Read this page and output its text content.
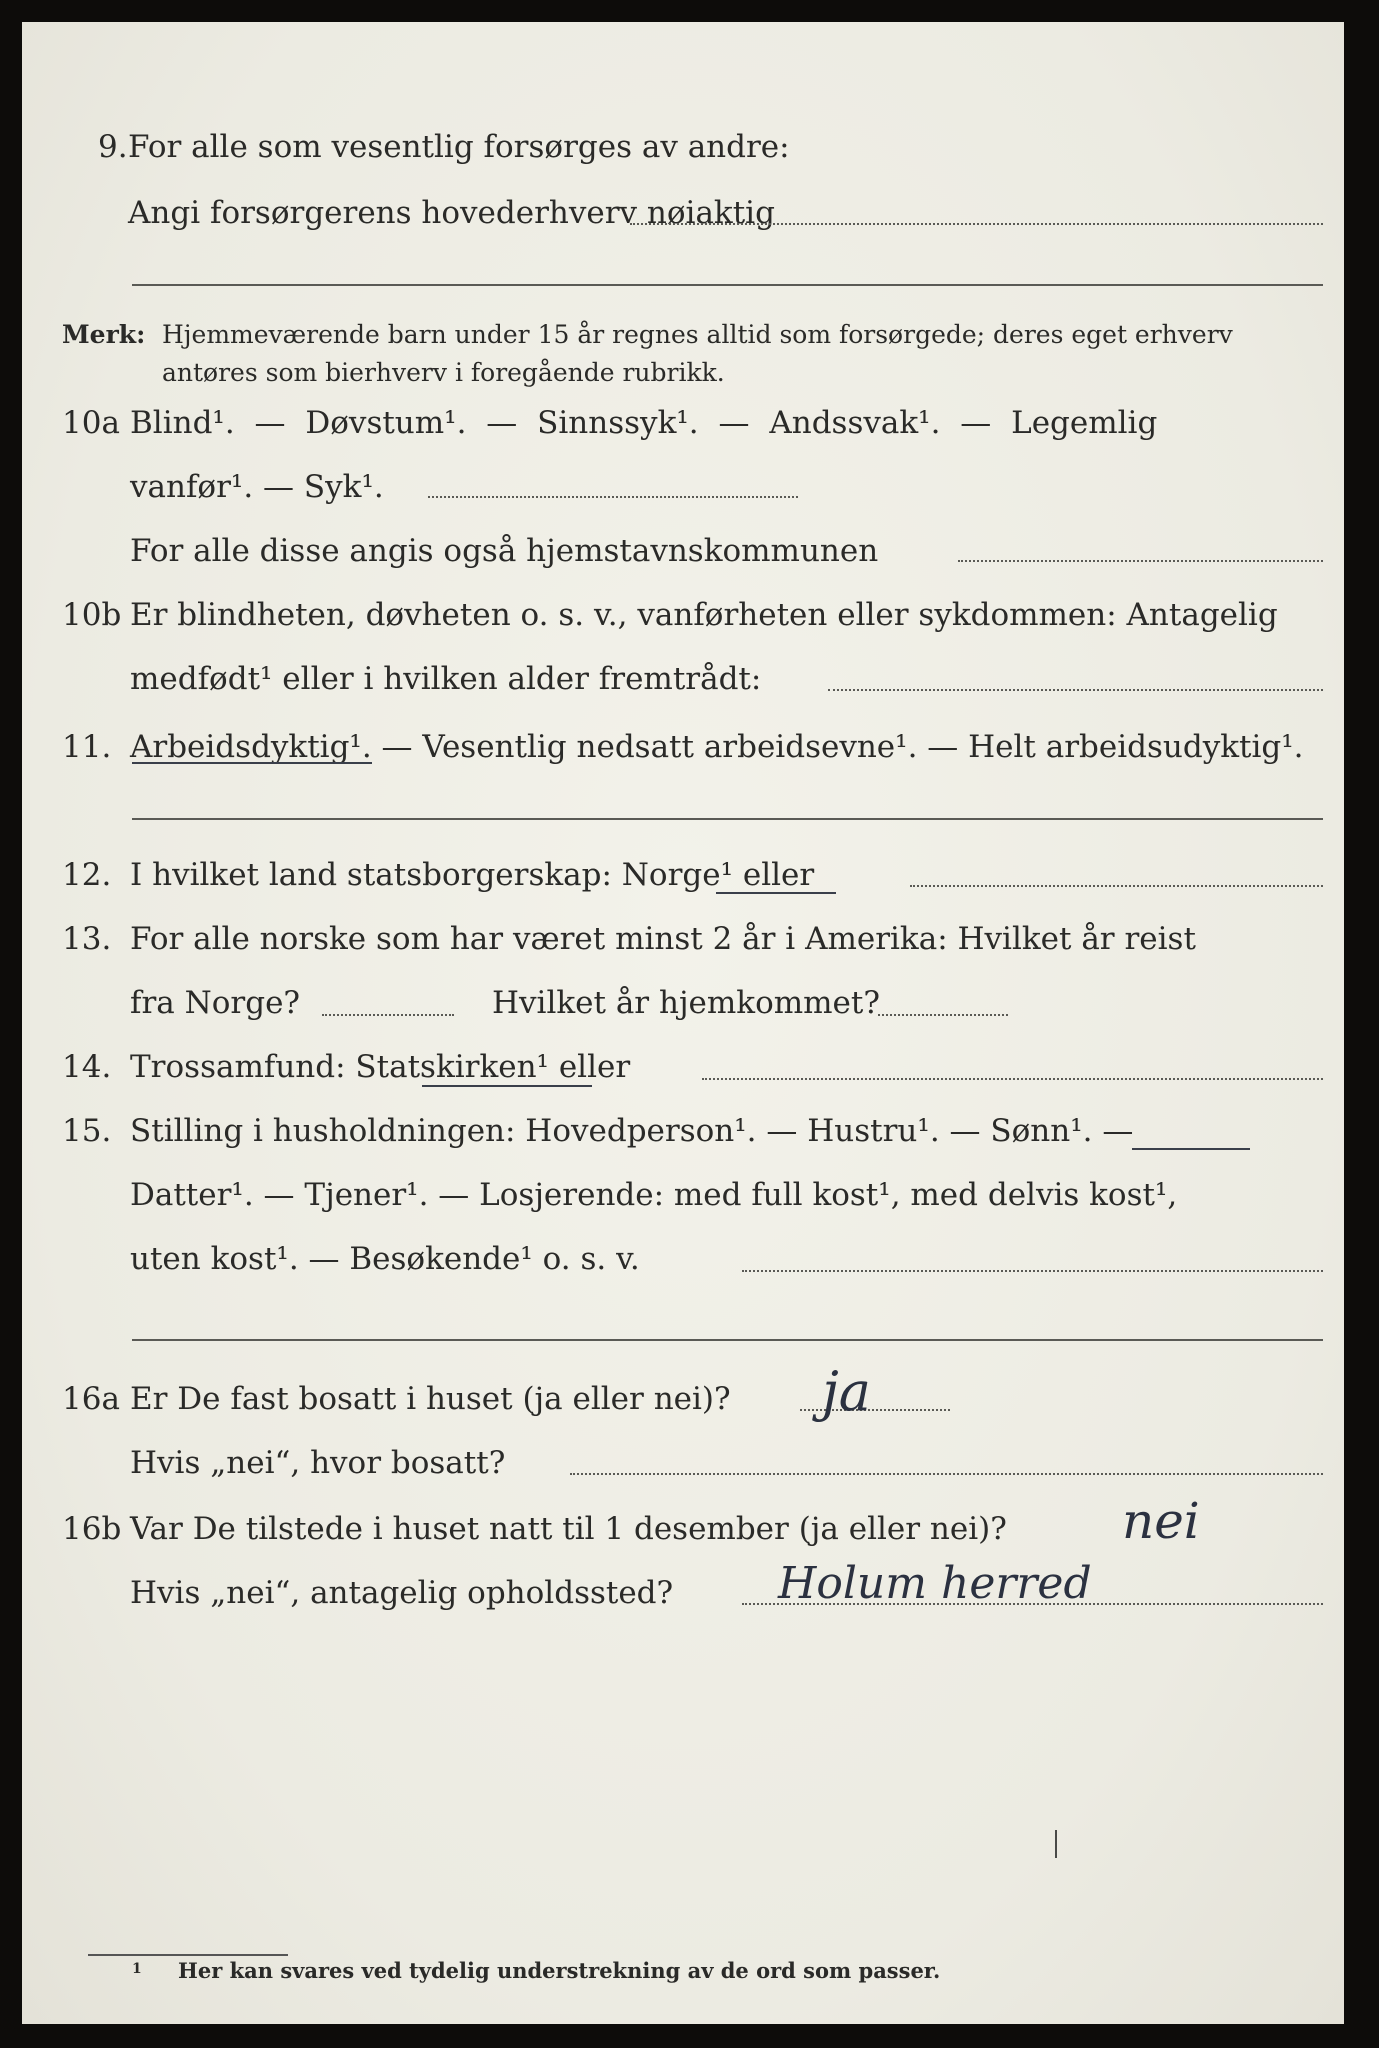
9. For alle som vesentlig forsørges av andre:
Angi forsørgerens hovederhverv nøiaktig
Merk: Hjemmeværende barn under 15 år regnes alltid som forsørgede; deres eget erhverv
antøres som bierhverv i foregående rubrikk.
10a Blind¹. — Døvstum¹. — Sinnssyk¹. — Andssvak¹. — Legemlig
vanfør¹. — Syk¹.
For alle disse angis også hjemstavnskommunen
10b Er blindheten, døvheten o. s. v., vanførheten eller sykdommen: Antagelig
medfødt¹ eller i hvilken alder fremtrådt:
11. Arbeidsdyktig¹. — Vesentlig nedsatt arbeidsevne¹. — Helt arbeidsudyktig¹.
12. I hvilket land statsborgerskap: Norge¹ eller
13. For alle norske som har været minst 2 år i Amerika: Hvilket år reist
fra Norge?	Hvilket år hjemkommet?
14. Trossamfund: Statskirken¹ eller
15. Stilling i husholdningen: Hovedperson¹. — Hustru¹. — Sønn¹. —
Datter¹. — Tjener¹. — Losjerende: med full kost¹, med delvis kost¹,
uten kost¹. — Besøkende¹ o. s. v.
16a Er De fast bosatt i huset (ja eller nei)? ja
Hvis „nei“, hvor bosatt?
16b Var De tilstede i huset natt til 1 desember (ja eller nei)? nei
Hvis „nei“, antagelig opholdssted? Holum herred
1 Her kan svares ved tydelig understrekning av de ord som passer.
